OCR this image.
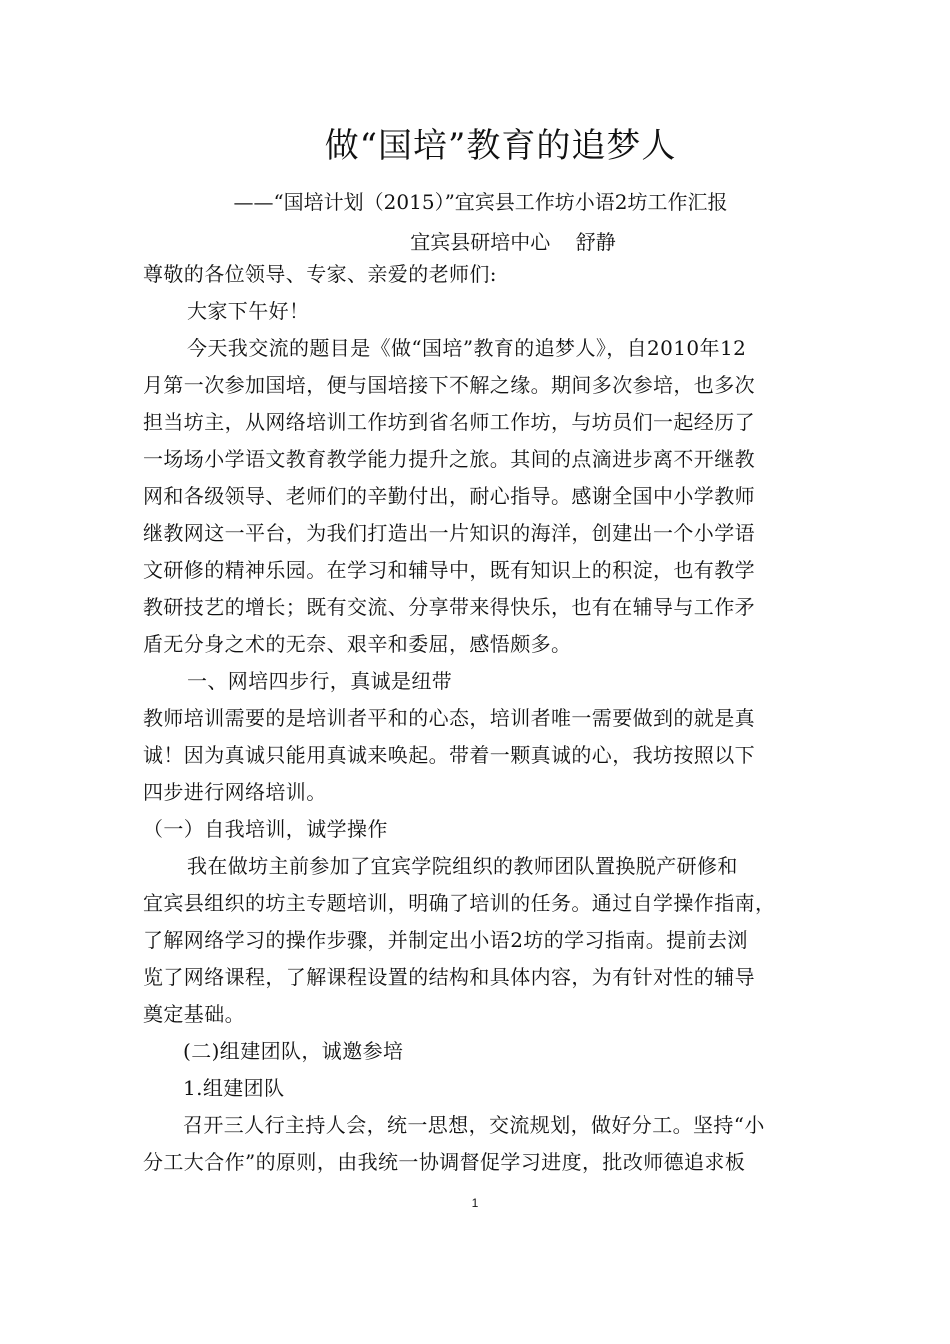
做“国培”教育的追梦人
——“国培计划（2015）”宜宾县工作坊小语2坊工作汇报
宜宾县研培中心    舒静
尊敬的各位领导、专家、亲爱的老师们:
大家下午好！
今天我交流的题目是《做“国培”教育的追梦人》，自2010年12
月第一次参加国培，便与国培接下不解之缘。期间多次参培，也多次
担当坊主，从网络培训工作坊到省名师工作坊，与坊员们一起经历了
一场场小学语文教育教学能力提升之旅。其间的点滴进步离不开继教
网和各级领导、老师们的辛勤付出，耐心指导。感谢全国中小学教师
继教网这一平台，为我们打造出一片知识的海洋，创建出一个小学语
文研修的精神乐园。在学习和辅导中，既有知识上的积淀，也有教学
教研技艺的增长；既有交流、分享带来得快乐，也有在辅导与工作矛
盾无分身之术的无奈、艰辛和委屈，感悟颇多。
一、网培四步行，真诚是纽带
教师培训需要的是培训者平和的心态，培训者唯一需要做到的就是真
诚！因为真诚只能用真诚来唤起。带着一颗真诚的心，我坊按照以下
四步进行网络培训。
（一）自我培训，诚学操作
我在做坊主前参加了宜宾学院组织的教师团队置换脱产研修和
宜宾县组织的坊主专题培训，明确了培训的任务。通过自学操作指南，
了解网络学习的操作步骤，并制定出小语2坊的学习指南。提前去浏
览了网络课程，了解课程设置的结构和具体内容，为有针对性的辅导
奠定基础。
(二)组建团队，诚邀参培
1.组建团队
召开三人行主持人会，统一思想，交流规划，做好分工。坚持“小
分工大合作”的原则，由我统一协调督促学习进度，批改师德追求板
1
